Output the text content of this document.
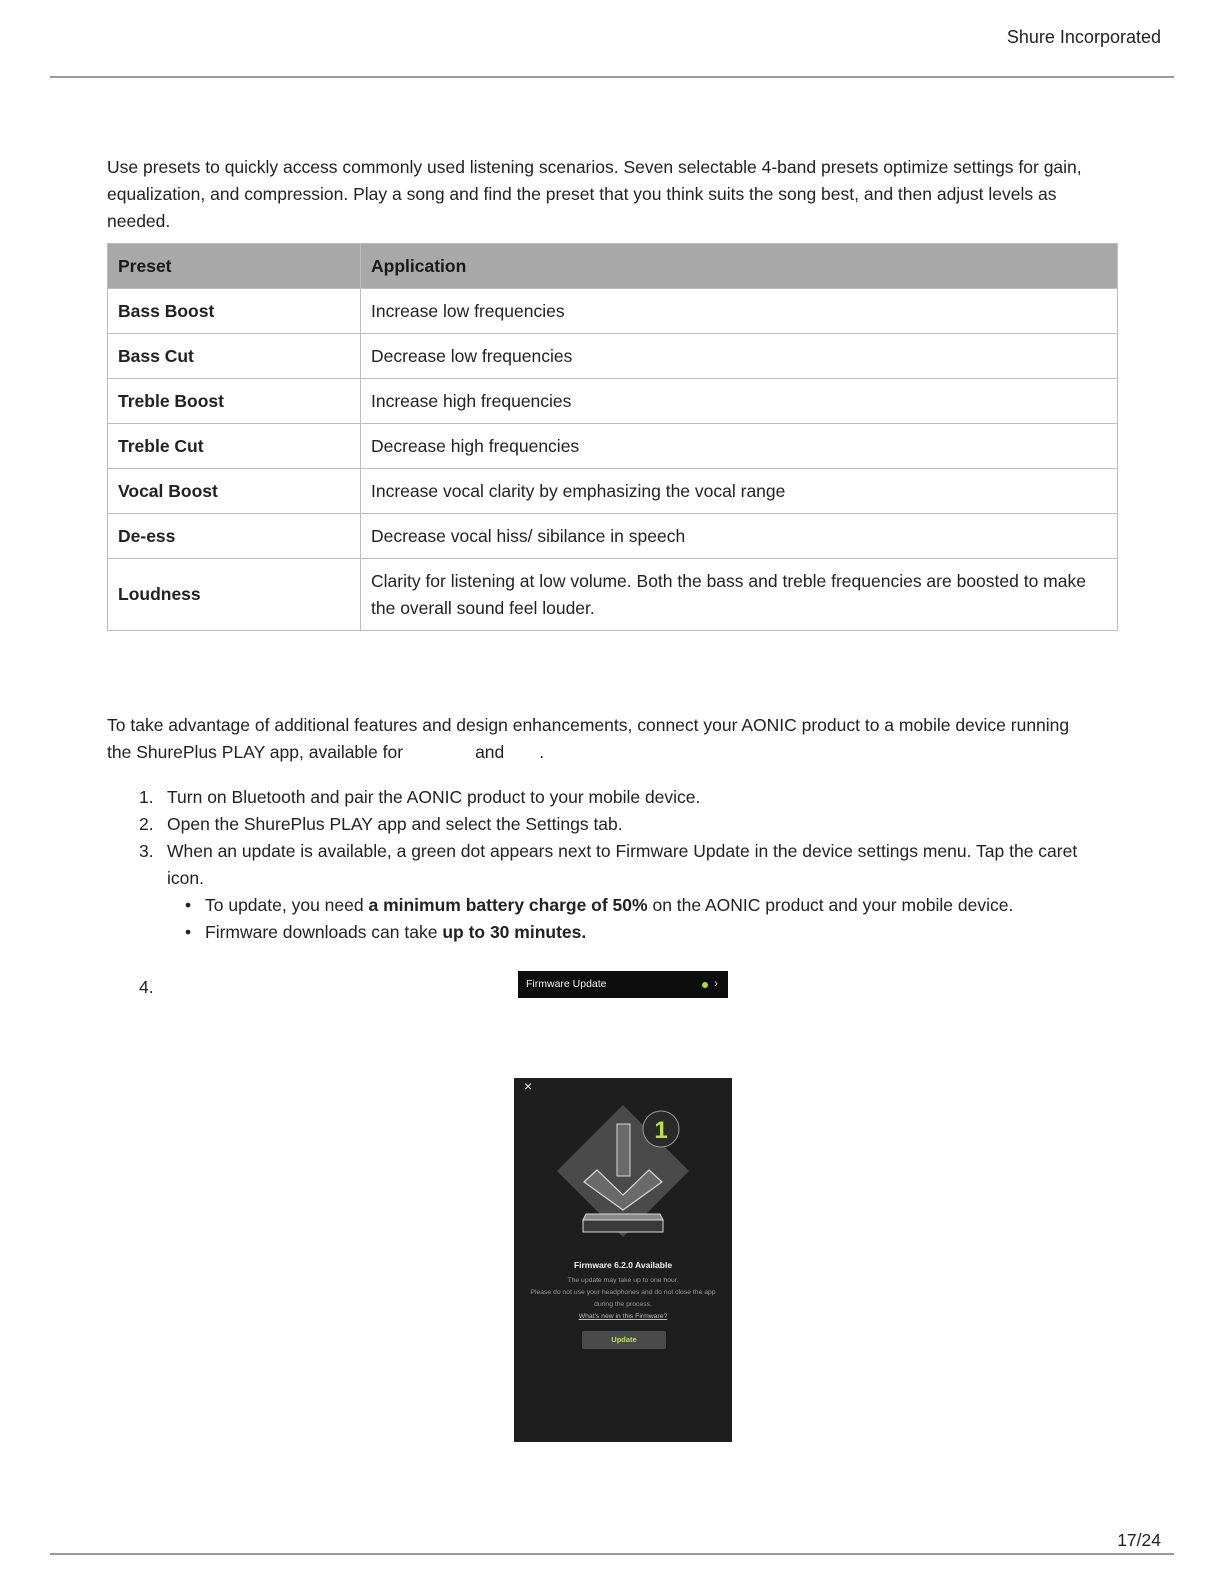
Shure Incorporated

Use presets to quickly access commonly used listening scenarios. Seven selectable 4-band presets optimize settings for gain, equalization, and compression. Play a song and find the preset that you think suits the song best, and then adjust levels as needed.

Preset	Application
Bass Boost	Increase low frequencies
Bass Cut	Decrease low frequencies
Treble Boost	Increase high frequencies
Treble Cut	Decrease high frequencies
Vocal Boost	Increase vocal clarity by emphasizing the vocal range
De-ess	Decrease vocal hiss/ sibilance in speech
Loudness	Clarity for listening at low volume. Both the bass and treble frequencies are boosted to make the overall sound feel louder.

To take advantage of additional features and design enhancements, connect your AONIC product to a mobile device running
the ShurePlus PLAY app, available for	and .

1. Turn on Bluetooth and pair the AONIC product to your mobile device.
2. Open the ShurePlus PLAY app and select the Settings tab.
3. When an update is available, a green dot appears next to Firmware Update in the device settings menu. Tap the caret icon.
• To update, you need a minimum battery charge of 50% on the AONIC product and your mobile device.
• Firmware downloads can take up to 30 minutes.
4.	Firmware Update	›
1
×
Firmware 6.2.0 Available
The update may take up to one hour.
Please do not use your headphones and do not close the app
during the process.
What's new in this Firmware?
Update
17/24
